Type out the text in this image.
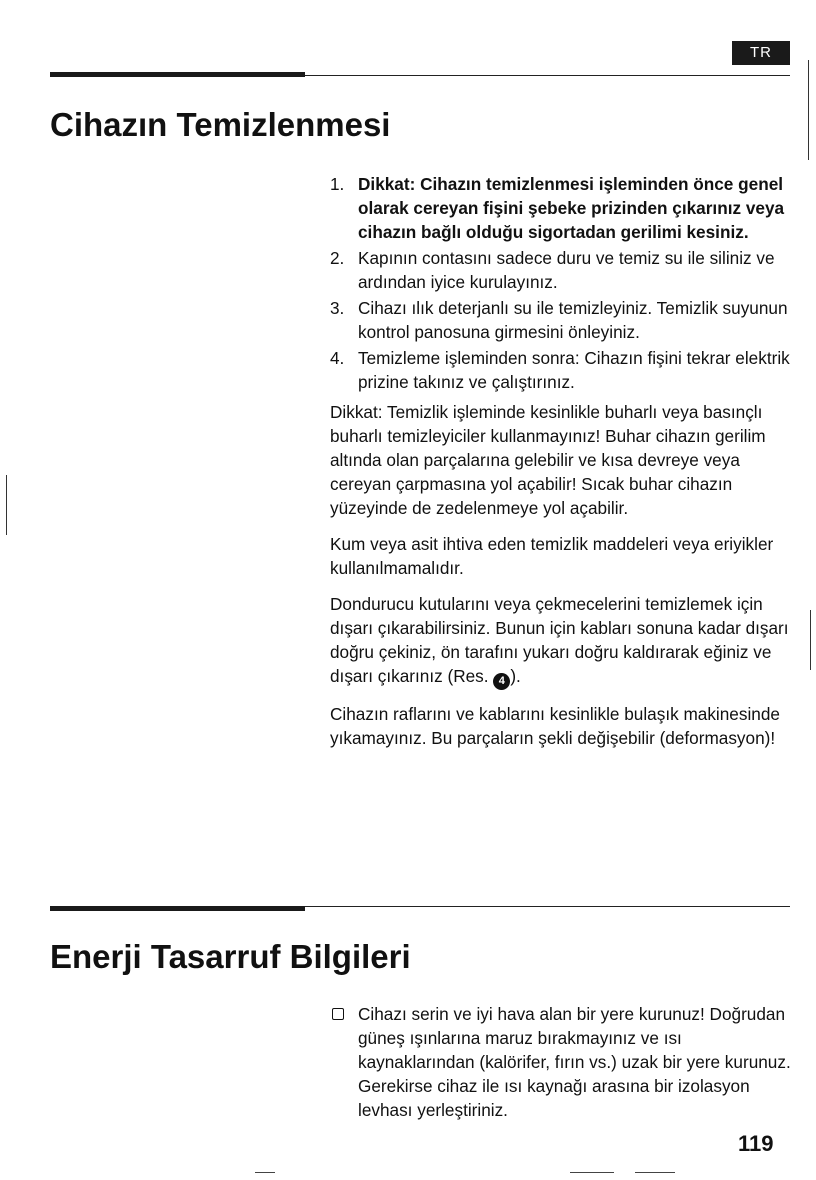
TR
Cihazın Temizlenmesi
1. Dikkat: Cihazın temizlenmesi işleminden önce genel olarak cereyan fişini şebeke prizinden çıkarınız veya cihazın bağlı olduğu sigortadan gerilimi kesiniz.
2. Kapının contasını sadece duru ve temiz su ile siliniz ve ardından iyice kurulayınız.
3. Cihazı ılık deterjanlı su ile temizleyiniz. Temizlik suyunun kontrol panosuna girmesini önleyiniz.
4. Temizleme işleminden sonra: Cihazın fişini tekrar elektrik prizine takınız ve çalıştırınız.

Dikkat: Temizlik işleminde kesinlikle buharlı veya basınçlı buharlı temizleyiciler kullanmayınız! Buhar cihazın gerilim altında olan parçalarına gelebilir ve kısa devreye veya cereyan çarpmasına yol açabilir! Sıcak buhar cihazın yüzeyinde de zedelenmeye yol açabilir.

Kum veya asit ihtiva eden temizlik maddeleri veya eriyikler kullanılmamalıdır.

Dondurucu kutularını veya çekmecelerini temizlemek için dışarı çıkarabilirsiniz. Bunun için kabları sonuna kadar dışarı doğru çekiniz, ön tarafını yukarı doğru kaldırarak eğiniz ve dışarı çıkarınız (Res. 4 ).

Cihazın raflarını ve kablarını kesinlikle bulaşık makinesinde yıkamayınız. Bu parçaların şekli değişebilir (deformasyon)!

Enerji Tasarruf Bilgileri
Cihazı serin ve iyi hava alan bir yere kurunuz! Doğrudan güneş ışınlarına maruz bırakmayınız ve ısı kaynaklarından (kalörifer, fırın vs.) uzak bir yere kurunuz. Gerekirse cihaz ile ısı kaynağı arasına bir izolasyon levhası yerleştiriniz.
119
